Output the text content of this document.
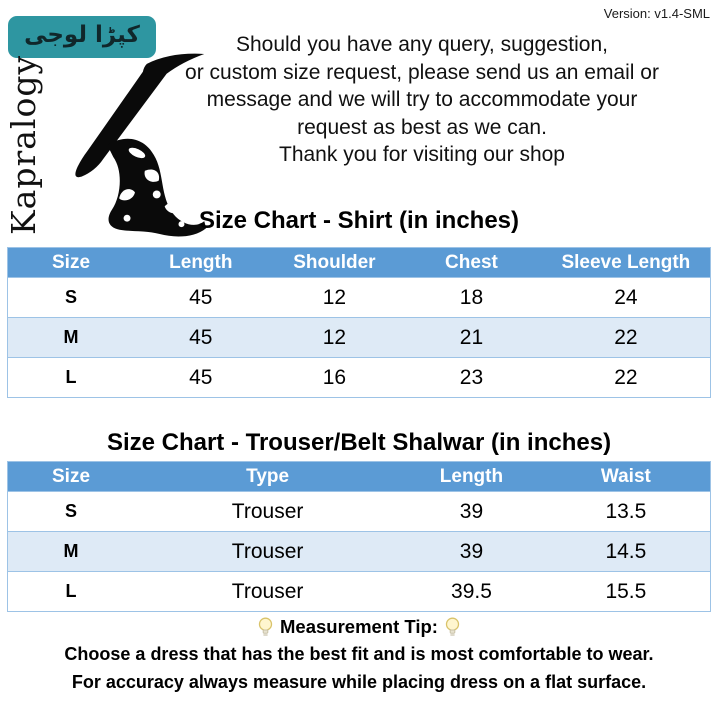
Version: v1.4-SML
کپڑا لوجی
Kapralogy
Should you have any query, suggestion,
or custom size request, please send us an email or
message and we will try to accommodate your
request as best as we can.
Thank you for visiting our shop
Size Chart - Shirt (in inches)
Size	Length	Shoulder	Chest	Sleeve Length
S	45	12	18	24
M	45	12	21	22
L	45	16	23	22
Size Chart - Trouser/Belt Shalwar (in inches)
Size	Type	Length	Waist
S	Trouser	39	13.5
M	Trouser	39	14.5
L	Trouser	39.5	15.5
Measurement Tip:
Choose a dress that has the best fit and is most comfortable to wear.
For accuracy always measure while placing dress on a flat surface.
